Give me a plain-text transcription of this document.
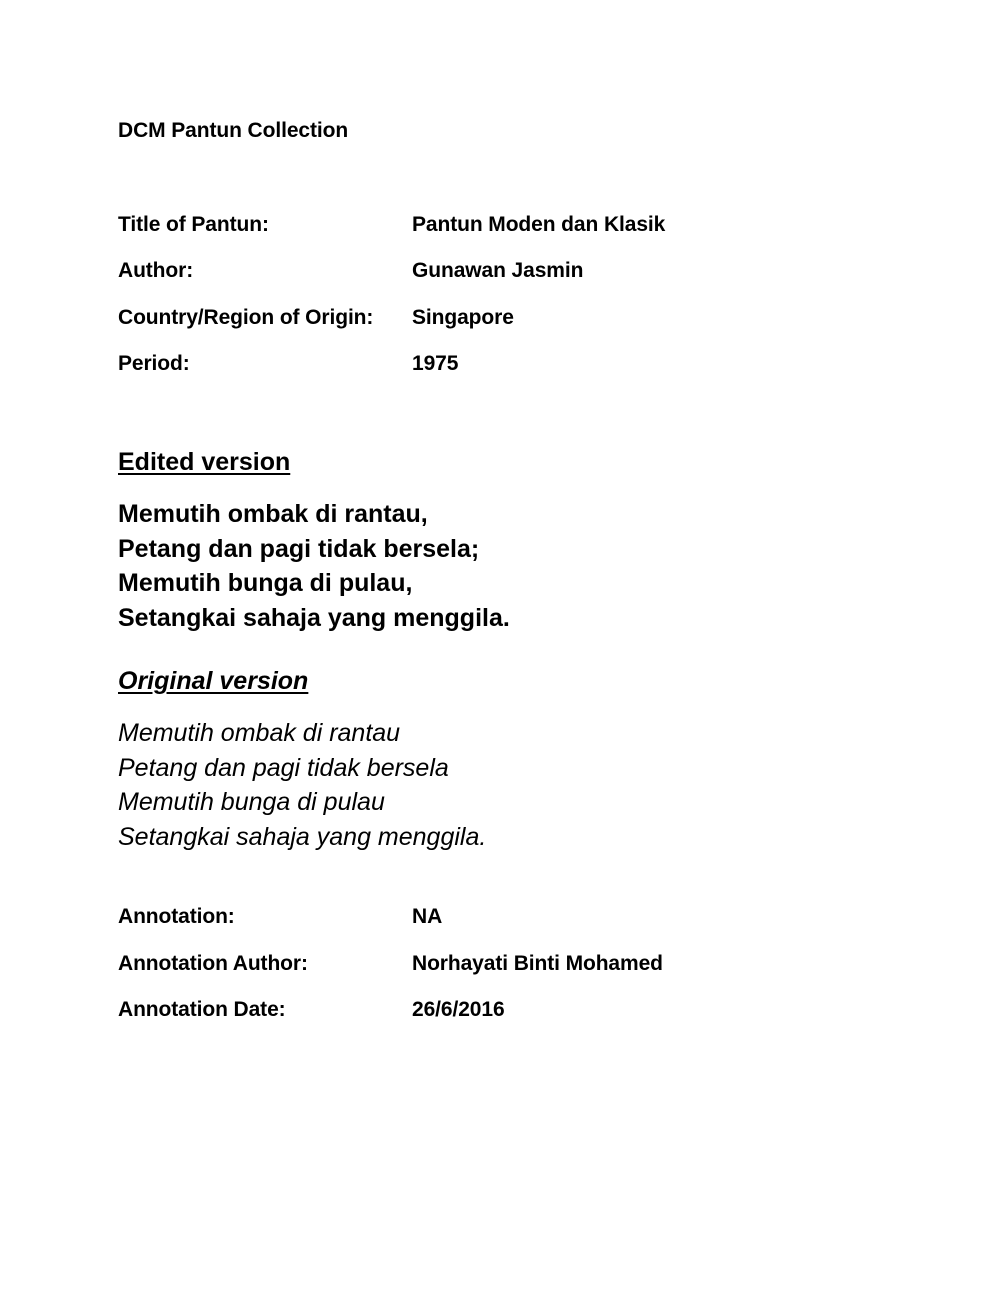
DCM Pantun Collection
Title of Pantun:	Pantun Moden dan Klasik
Author:	Gunawan Jasmin
Country/Region of Origin: Singapore
Period:	1975
Edited version
Memutih ombak di rantau,
Petang dan pagi tidak bersela;
Memutih bunga di pulau,
Setangkai sahaja yang menggila.
Original version
Memutih ombak di rantau
Petang dan pagi tidak bersela
Memutih bunga di pulau
Setangkai sahaja yang menggila.
Annotation:	NA
Annotation Author:	Norhayati Binti Mohamed
Annotation Date:	26/6/2016
